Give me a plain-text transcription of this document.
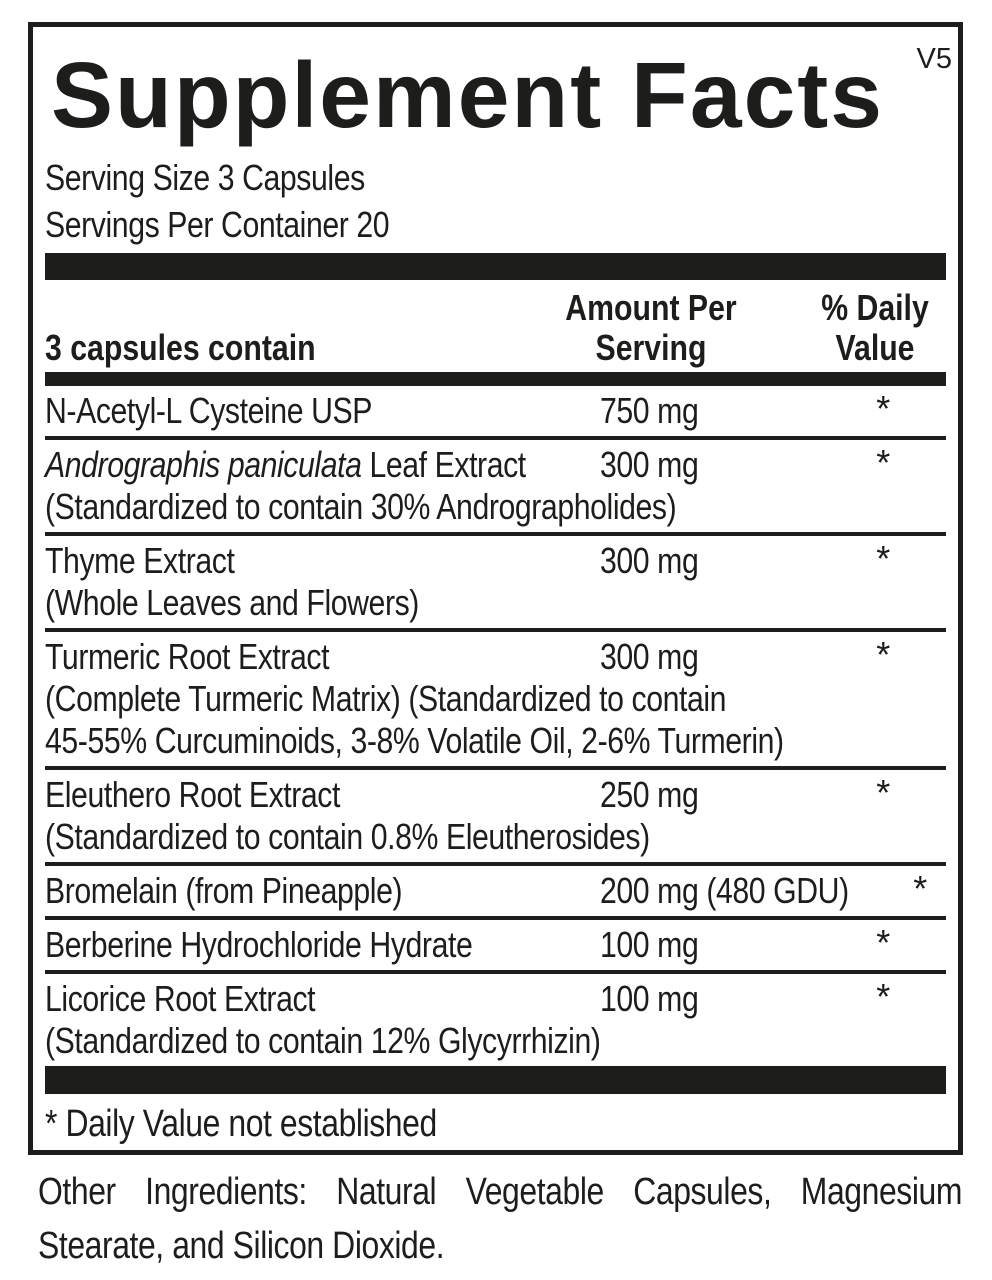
V5
Supplement Facts
Serving Size 3 Capsules
Servings Per Container 20
3 capsules contain
Amount Per Serving
% Daily Value
N-Acetyl-L Cysteine USP	750 mg	*
Andrographis paniculata Leaf Extract
(Standardized to contain 30% Andrographolides)
300 mg	*
Thyme Extract
(Whole Leaves and Flowers)
300 mg	*
Turmeric Root Extract
(Complete Turmeric Matrix) (Standardized to contain
45-55% Curcuminoids, 3-8% Volatile Oil, 2-6% Turmerin)
300 mg	*
Eleuthero Root Extract
(Standardized to contain 0.8% Eleutherosides)
250 mg	*
Bromelain (from Pineapple)	200 mg (480 GDU)	*
Berberine Hydrochloride Hydrate	100 mg	*
Licorice Root Extract
(Standardized to contain 12% Glycyrrhizin)
100 mg	*
* Daily Value not established
Other Ingredients: Natural Vegetable Capsules, Magnesium
Stearate, and Silicon Dioxide.
